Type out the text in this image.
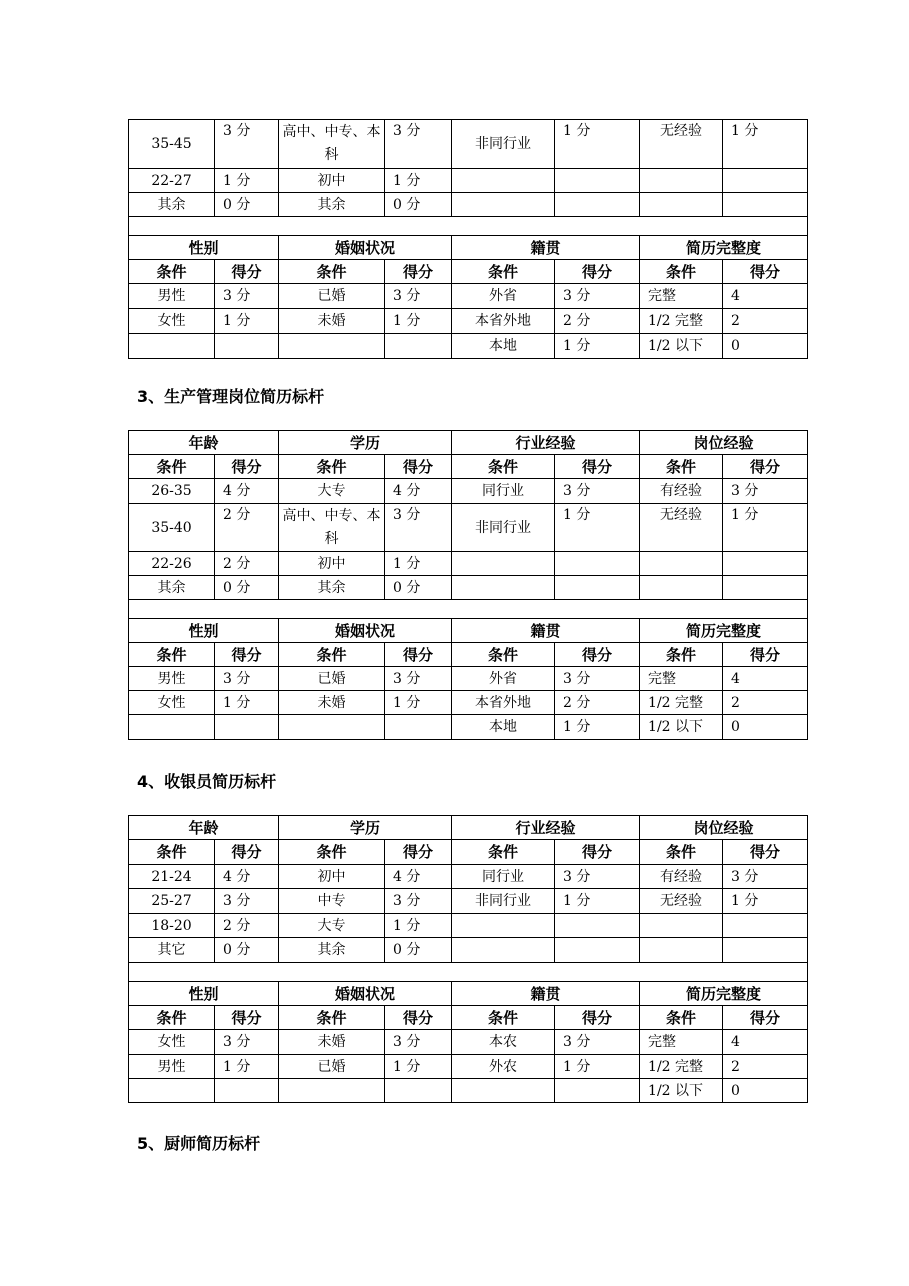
35-45	3 分	高中、中专、本科	3 分	非同行业	1 分	无经验	1 分
22-27	1 分	初中	1 分				
其余	0 分	其余	0 分				

性别		婚姻状况		籍贯		简历完整度	
条件	得分	条件	得分	条件	得分	条件	得分
男性	3 分	已婚	3 分	外省	3 分	完整	4
女性	1 分	未婚	1 分	本省外地	2 分	1/2 完整	2
				本地	1 分	1/2 以下	0
3、生产管理岗位简历标杆
年龄		学历		行业经验		岗位经验	
条件	得分	条件	得分	条件	得分	条件	得分
26-35	4 分	大专	4 分	同行业	3 分	有经验	3 分
35-40	2 分	高中、中专、本科	3 分	非同行业	1 分	无经验	1 分
22-26	2 分	初中	1 分				
其余	0 分	其余	0 分				

性别		婚姻状况		籍贯		简历完整度	
条件	得分	条件	得分	条件	得分	条件	得分
男性	3 分	已婚	3 分	外省	3 分	完整	4
女性	1 分	未婚	1 分	本省外地	2 分	1/2 完整	2
				本地	1 分	1/2 以下	0
4、收银员简历标杆
年龄		学历		行业经验		岗位经验	
条件	得分	条件	得分	条件	得分	条件	得分
21-24	4 分	初中	4 分	同行业	3 分	有经验	3 分
25-27	3 分	中专	3 分	非同行业	1 分	无经验	1 分
18-20	2 分	大专	1 分				
其它	0 分	其余	0 分				

性别		婚姻状况		籍贯		简历完整度	
条件	得分	条件	得分	条件	得分	条件	得分
女性	3 分	未婚	3 分	本农	3 分	完整	4
男性	1 分	已婚	1 分	外农	1 分	1/2 完整	2
						1/2 以下	0
5、厨师简历标杆
